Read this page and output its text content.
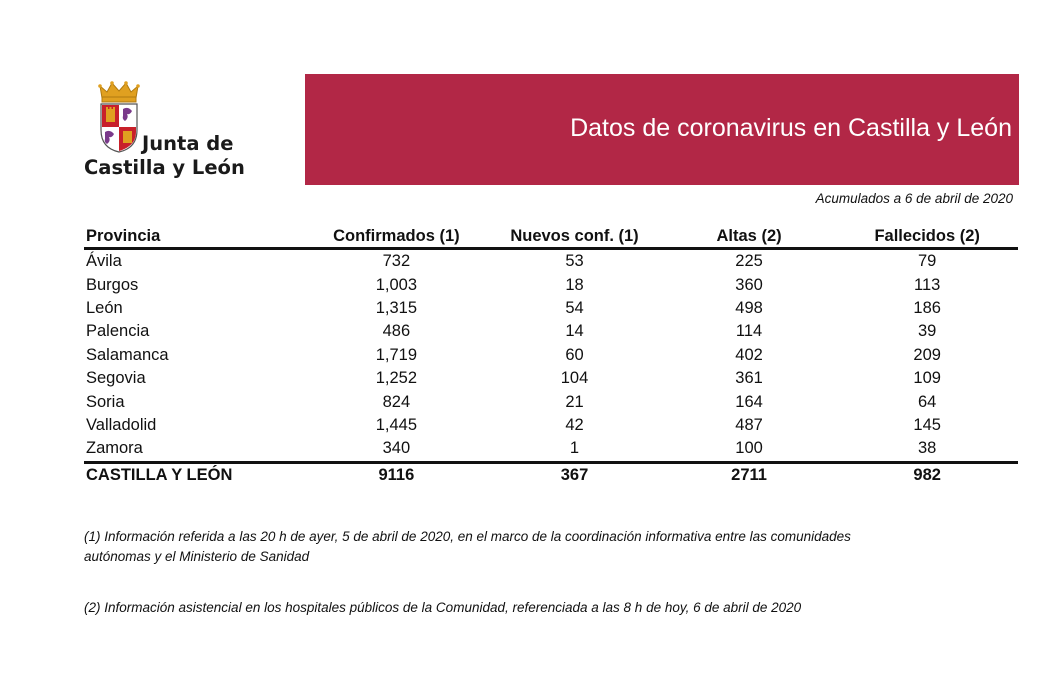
Junta de
Castilla y León
Datos de coronavirus en Castilla y León
Acumulados a 6 de abril de 2020
Provincia	Confirmados (1)	Nuevos conf. (1)	Altas (2)	Fallecidos (2)
Ávila	732	53	225	79
Burgos	1,003	18	360	113
León	1,315	54	498	186
Palencia	486	14	114	39
Salamanca	1,719	60	402	209
Segovia	1,252	104	361	109
Soria	824	21	164	64
Valladolid	1,445	42	487	145
Zamora	340	1	100	38
CASTILLA Y LEÓN	9116	367	2711	982
(1) Información referida a las 20 h de ayer, 5 de abril de 2020, en el marco de la coordinación informativa entre las comunidades
autónomas y el Ministerio de Sanidad
(2) Información asistencial en los hospitales públicos de la Comunidad, referenciada a las 8 h de hoy, 6 de abril de 2020
